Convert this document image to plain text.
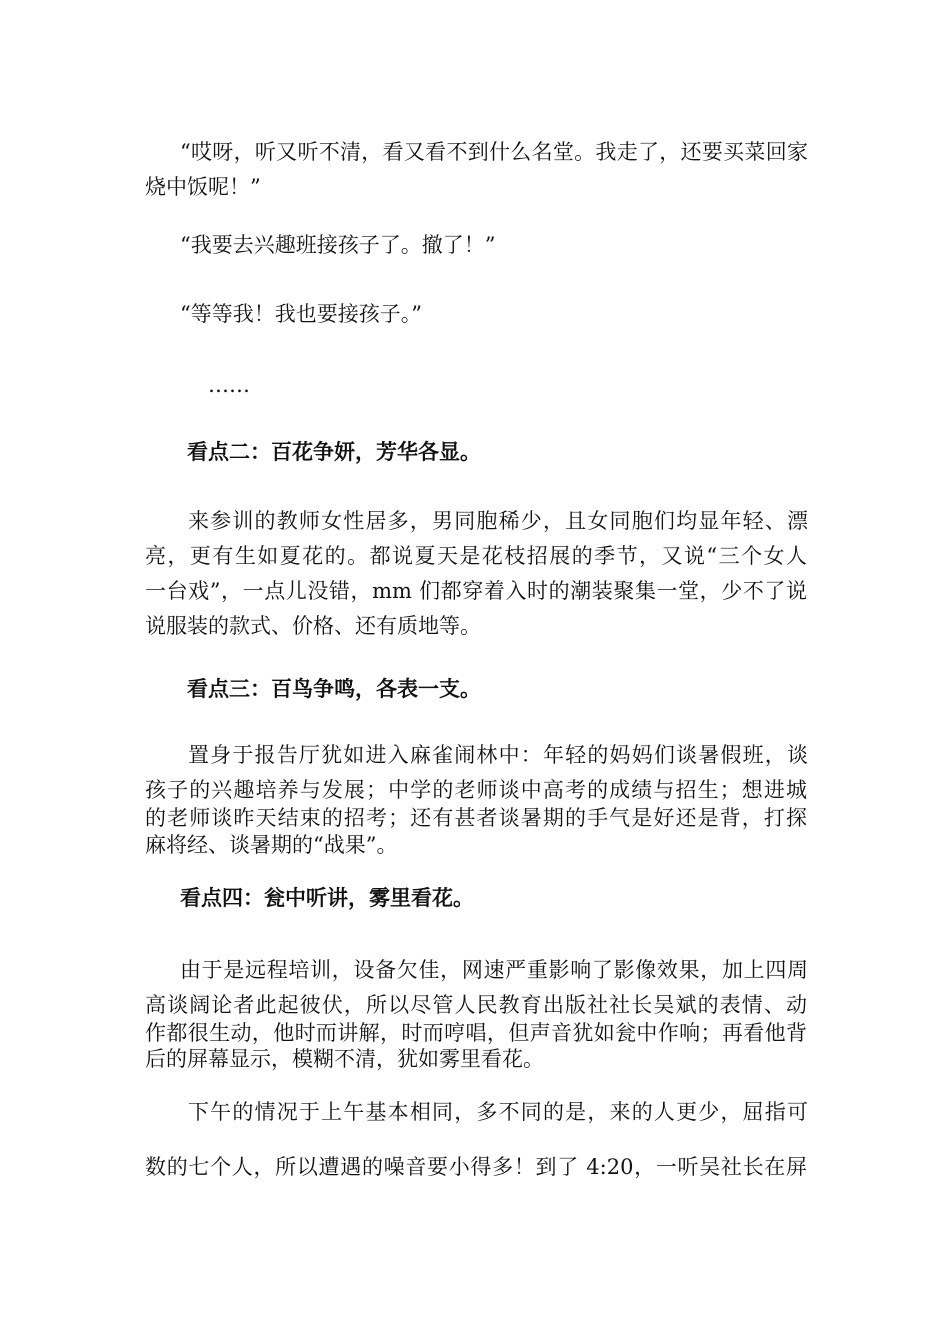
“哎呀，听又听不清，看又看不到什么名堂。我走了，还要买菜回家

烧中饭呢！”

“我要去兴趣班接孩子了。撤了！”

“等等我！我也要接孩子。”

……

看点二：百花争妍，芳华各显。

来参训的教师女性居多，男同胞稀少，且女同胞们均显年轻、漂

亮，更有生如夏花的。都说夏天是花枝招展的季节，又说“三个女人

一台戏”，一点儿没错，mm 们都穿着入时的潮装聚集一堂，少不了说

说服装的款式、价格、还有质地等。

看点三：百鸟争鸣，各表一支。

置身于报告厅犹如进入麻雀闹林中：年轻的妈妈们谈暑假班，谈

孩子的兴趣培养与发展；中学的老师谈中高考的成绩与招生；想进城

的老师谈昨天结束的招考；还有甚者谈暑期的手气是好还是背，打探

麻将经、谈暑期的“战果”。

看点四：瓮中听讲，雾里看花。

由于是远程培训，设备欠佳，网速严重影响了影像效果，加上四周

高谈阔论者此起彼伏，所以尽管人民教育出版社社长吴斌的表情、动

作都很生动，他时而讲解，时而哼唱，但声音犹如瓮中作响；再看他背

后的屏幕显示，模糊不清，犹如雾里看花。

下午的情况于上午基本相同，多不同的是，来的人更少，屈指可

数的七个人，所以遭遇的噪音要小得多！到了 4:20，一听吴社长在屏
